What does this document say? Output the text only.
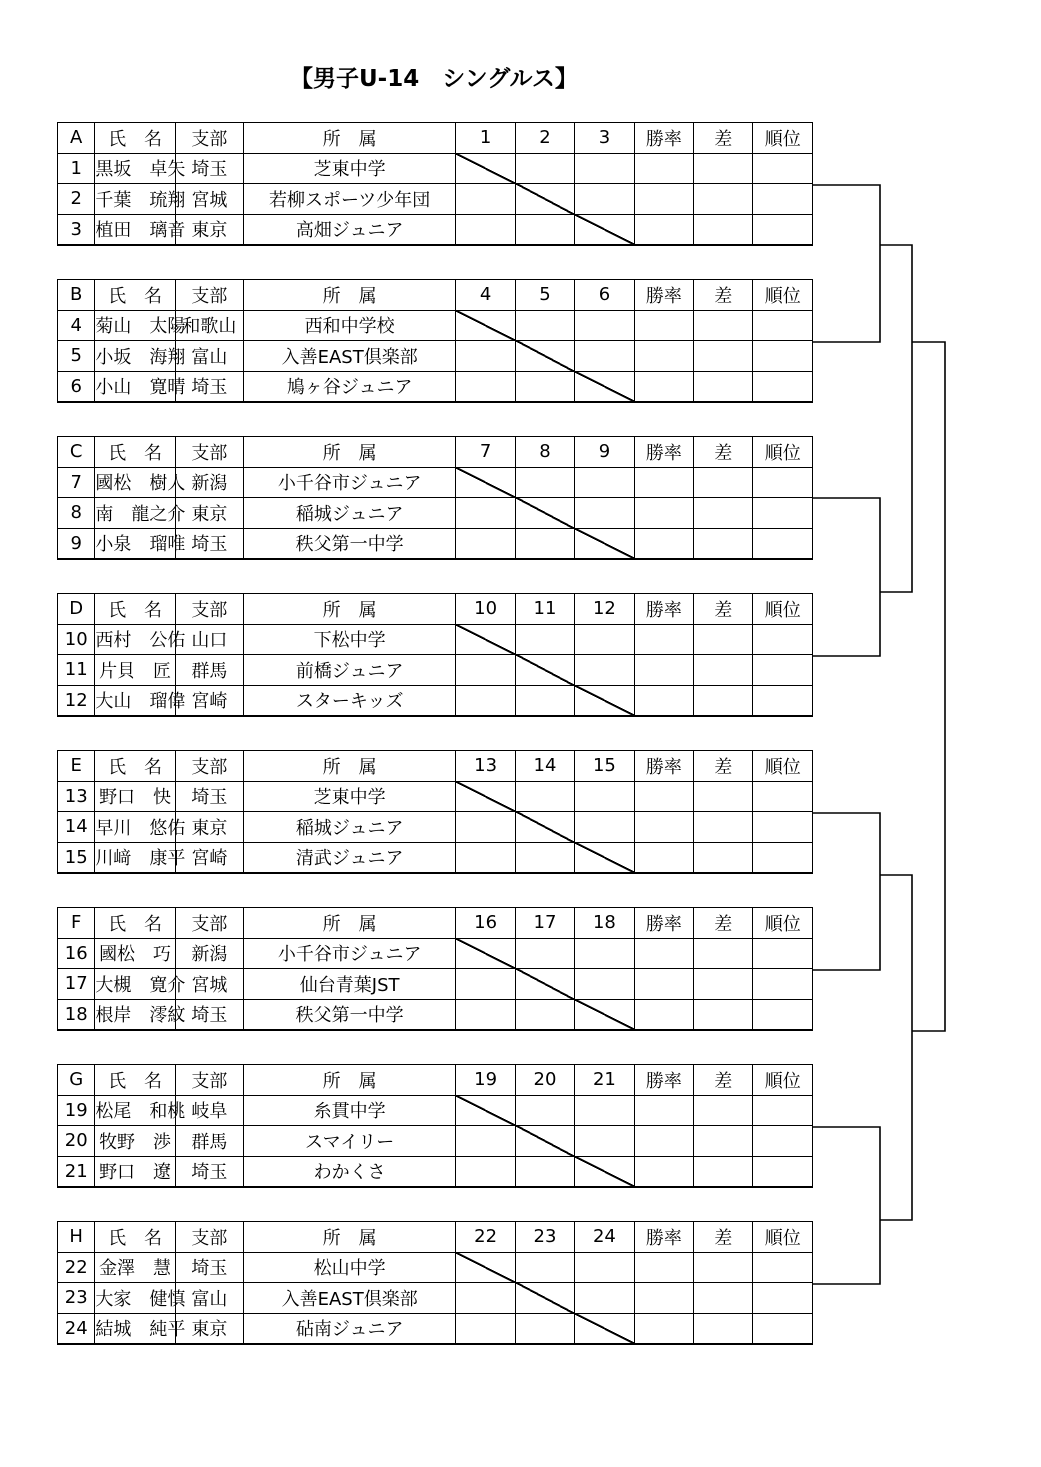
【男子U-14　シングルス】
A	氏　名	支部	所　属	1	2	3	勝率	差	順位
1	黒坂　卓矢	埼玉	芝東中学						
2	千葉　琉翔	宮城	若柳スポーツ少年団						
3	植田　璃音	東京	高畑ジュニア						
B	氏　名	支部	所　属	4	5	6	勝率	差	順位
4	菊山　太陽	和歌山	西和中学校						
5	小坂　海翔	富山	入善EAST倶楽部						
6	小山　寛晴	埼玉	鳩ヶ谷ジュニア						
C	氏　名	支部	所　属	7	8	9	勝率	差	順位
7	國松　樹人	新潟	小千谷市ジュニア						
8	南　龍之介	東京	稲城ジュニア						
9	小泉　瑠唯	埼玉	秩父第一中学						
D	氏　名	支部	所　属	10	11	12	勝率	差	順位
10	西村　公佑	山口	下松中学						
11	片貝　匠	群馬	前橋ジュニア						
12	大山　瑠偉	宮崎	スターキッズ						
E	氏　名	支部	所　属	13	14	15	勝率	差	順位
13	野口　快	埼玉	芝東中学						
14	早川　悠佑	東京	稲城ジュニア						
15	川﨑　康平	宮崎	清武ジュニア						
F	氏　名	支部	所　属	16	17	18	勝率	差	順位
16	國松　巧	新潟	小千谷市ジュニア						
17	大槻　寛介	宮城	仙台青葉JST						
18	根岸　澪紋	埼玉	秩父第一中学						
G	氏　名	支部	所　属	19	20	21	勝率	差	順位
19	松尾　和桃	岐阜	糸貫中学						
20	牧野　渉	群馬	スマイリー						
21	野口　遼	埼玉	わかくさ						
H	氏　名	支部	所　属	22	23	24	勝率	差	順位
22	金澤　慧	埼玉	松山中学						
23	大家　健慎	富山	入善EAST倶楽部						
24	結城　純平	東京	砧南ジュニア						
